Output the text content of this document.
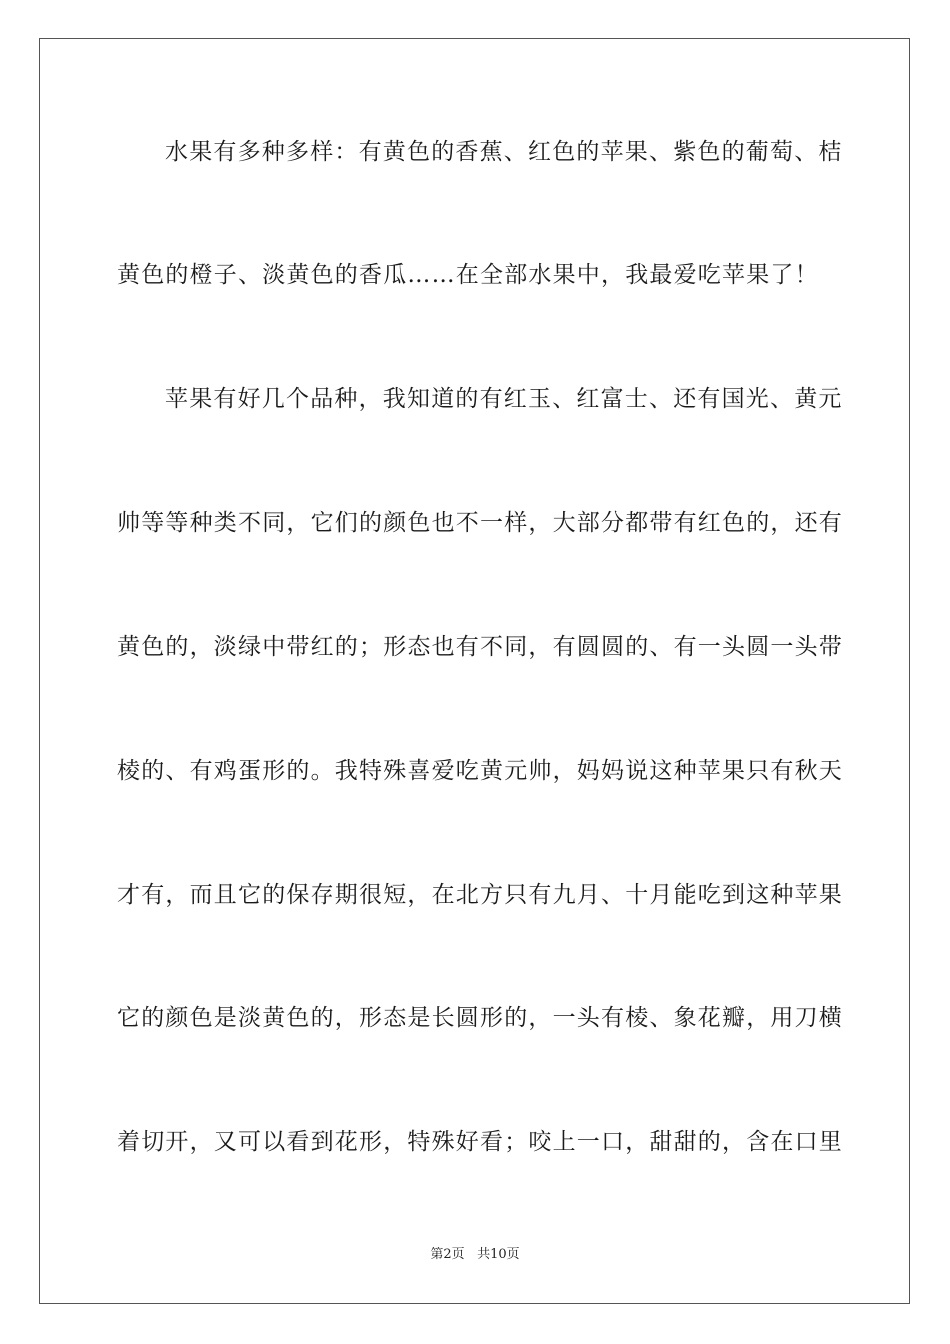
水果有多种多样：有黄色的香蕉、红色的苹果、紫色的葡萄、桔
黄色的橙子、淡黄色的香瓜……在全部水果中，我最爱吃苹果了！
苹果有好几个品种，我知道的有红玉、红富士、还有国光、黄元
帅等等种类不同，它们的颜色也不一样，大部分都带有红色的，还有
黄色的，淡绿中带红的；形态也有不同，有圆圆的、有一头圆一头带
棱的、有鸡蛋形的。我特殊喜爱吃黄元帅，妈妈说这种苹果只有秋天
才有，而且它的保存期很短，在北方只有九月、十月能吃到这种苹果
它的颜色是淡黄色的，形态是长圆形的，一头有棱、象花瓣，用刀横
着切开，又可以看到花形，特殊好看；咬上一口，甜甜的，含在口里
第2页 共10页
